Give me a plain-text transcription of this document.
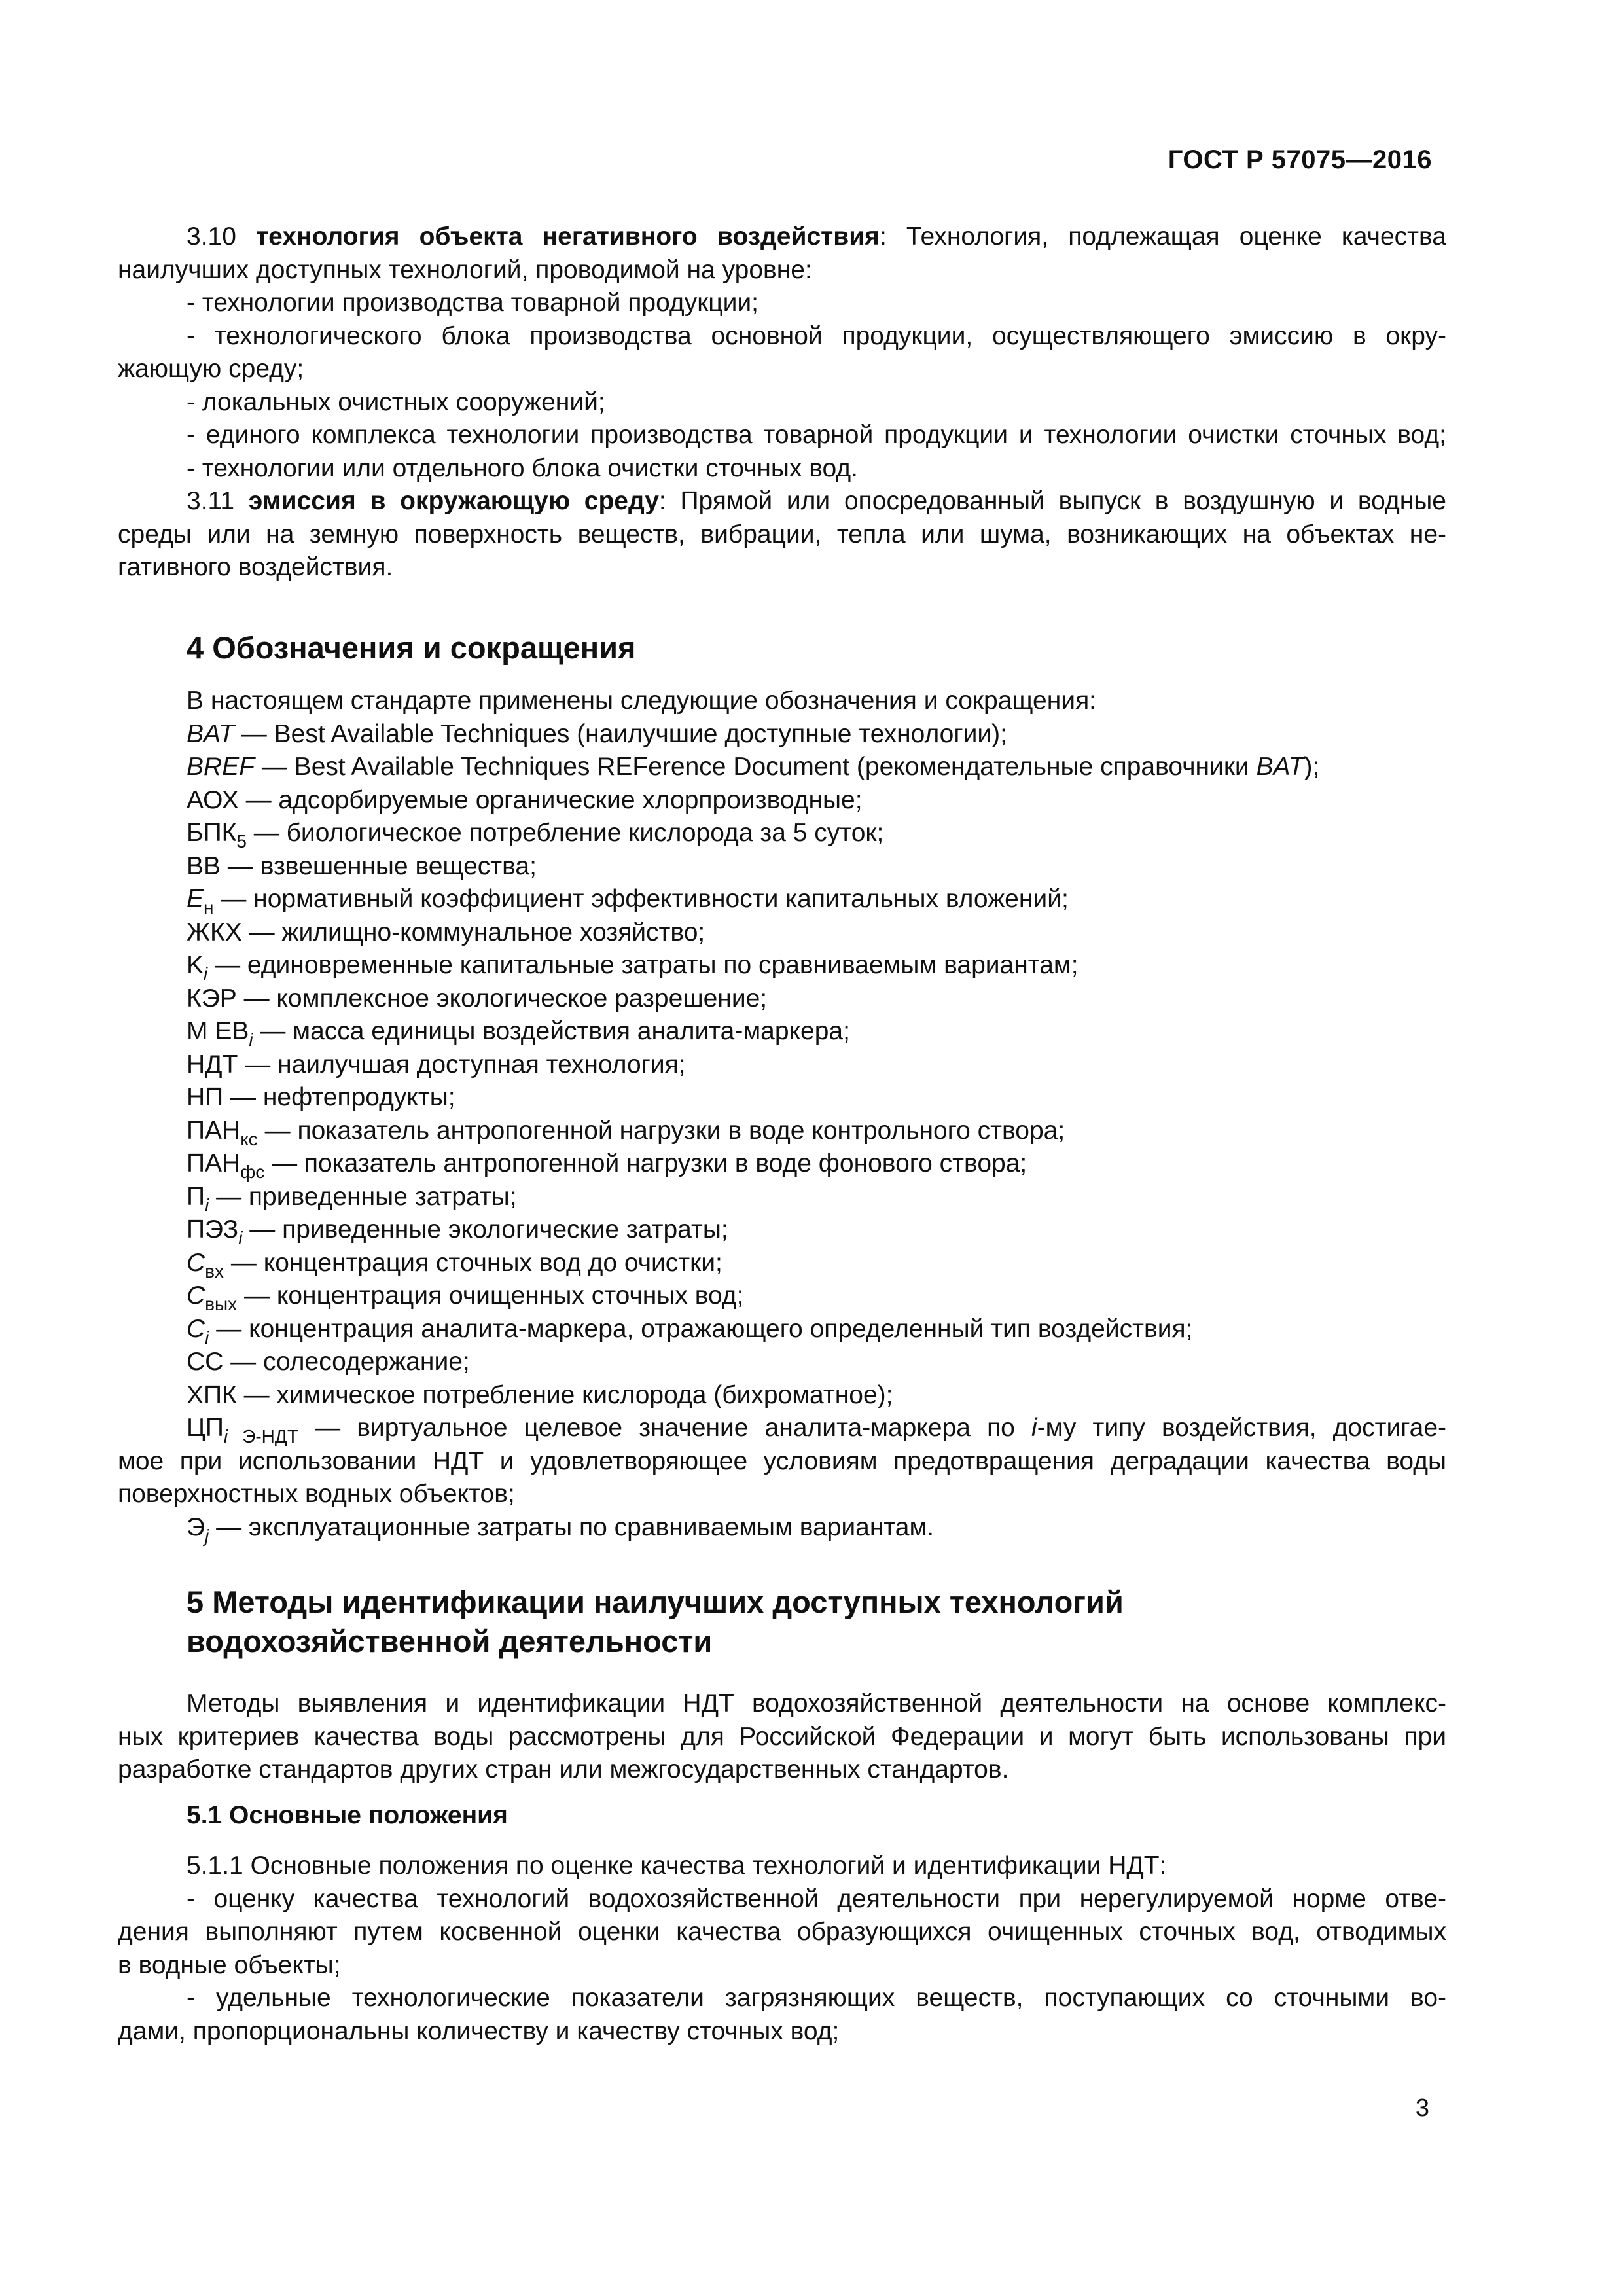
ГОСТ Р 57075—2016
3.10 технология объекта негативного воздействия: Технология, подлежащая оценке качества
наилучших доступных технологий, проводимой на уровне:
- технологии производства товарной продукции;
- технологического блока производства основной продукции, осуществляющего эмиссию в окру-
жающую среду;
- локальных очистных сооружений;
- единого комплекса технологии производства товарной продукции и технологии очистки сточных вод;
- технологии или отдельного блока очистки сточных вод.
3.11 эмиссия в окружающую среду: Прямой или опосредованный выпуск в воздушную и водные
среды или на земную поверхность веществ, вибрации, тепла или шума, возникающих на объектах не-
гативного воздействия.
4 Обозначения и сокращения
В настоящем стандарте применены следующие обозначения и сокращения:
BAT — Best Available Techniques (наилучшие доступные технологии);
BREF — Best Available Techniques REFerence Document (рекомендательные справочники BAT);
АОХ — адсорбируемые органические хлорпроизводные;
$БПК_5$ — биологическое потребление кислорода за 5 суток;
ВВ — взвешенные вещества;
$E_н$ — нормативный коэффициент эффективности капитальных вложений;
ЖКХ — жилищно-коммунальное хозяйство;
$K_i$ — единовременные капитальные затраты по сравниваемым вариантам;
КЭР — комплексное экологическое разрешение;
М $ЕВ_i$ — масса единицы воздействия аналита-маркера;
НДТ — наилучшая доступная технология;
НП — нефтепродукты;
$ПАН_{кс}$ — показатель антропогенной нагрузки в воде контрольного створа;
$ПАН_{фс}$ — показатель антропогенной нагрузки в воде фонового створа;
$П_i$ — приведенные затраты;
$ПЭЗ_i$ — приведенные экологические затраты;
$C_{вх}$ — концентрация сточных вод до очистки;
$C_{вых}$ — концентрация очищенных сточных вод;
$C_i$ — концентрация аналита-маркера, отражающего определенный тип воздействия;
СС — солесодержание;
ХПК — химическое потребление кислорода (бихроматное);
$ЦП_{i Э-НДТ}$ — виртуальное целевое значение аналита-маркера по i-му типу воздействия, достигае-
мое при использовании НДТ и удовлетворяющее условиям предотвращения деградации качества воды
поверхностных водных объектов;
$Э_j$ — эксплуатационные затраты по сравниваемым вариантам.
5 Методы идентификации наилучших доступных технологий
водохозяйственной деятельности
Методы выявления и идентификации НДТ водохозяйственной деятельности на основе комплекс-
ных критериев качества воды рассмотрены для Российской Федерации и могут быть использованы при
разработке стандартов других стран или межгосударственных стандартов.
5.1 Основные положения
5.1.1 Основные положения по оценке качества технологий и идентификации НДТ:
- оценку качества технологий водохозяйственной деятельности при нерегулируемой норме отве-
дения выполняют путем косвенной оценки качества образующихся очищенных сточных вод, отводимых
в водные объекты;
- удельные технологические показатели загрязняющих веществ, поступающих со сточными во-
дами, пропорциональны количеству и качеству сточных вод;
3
